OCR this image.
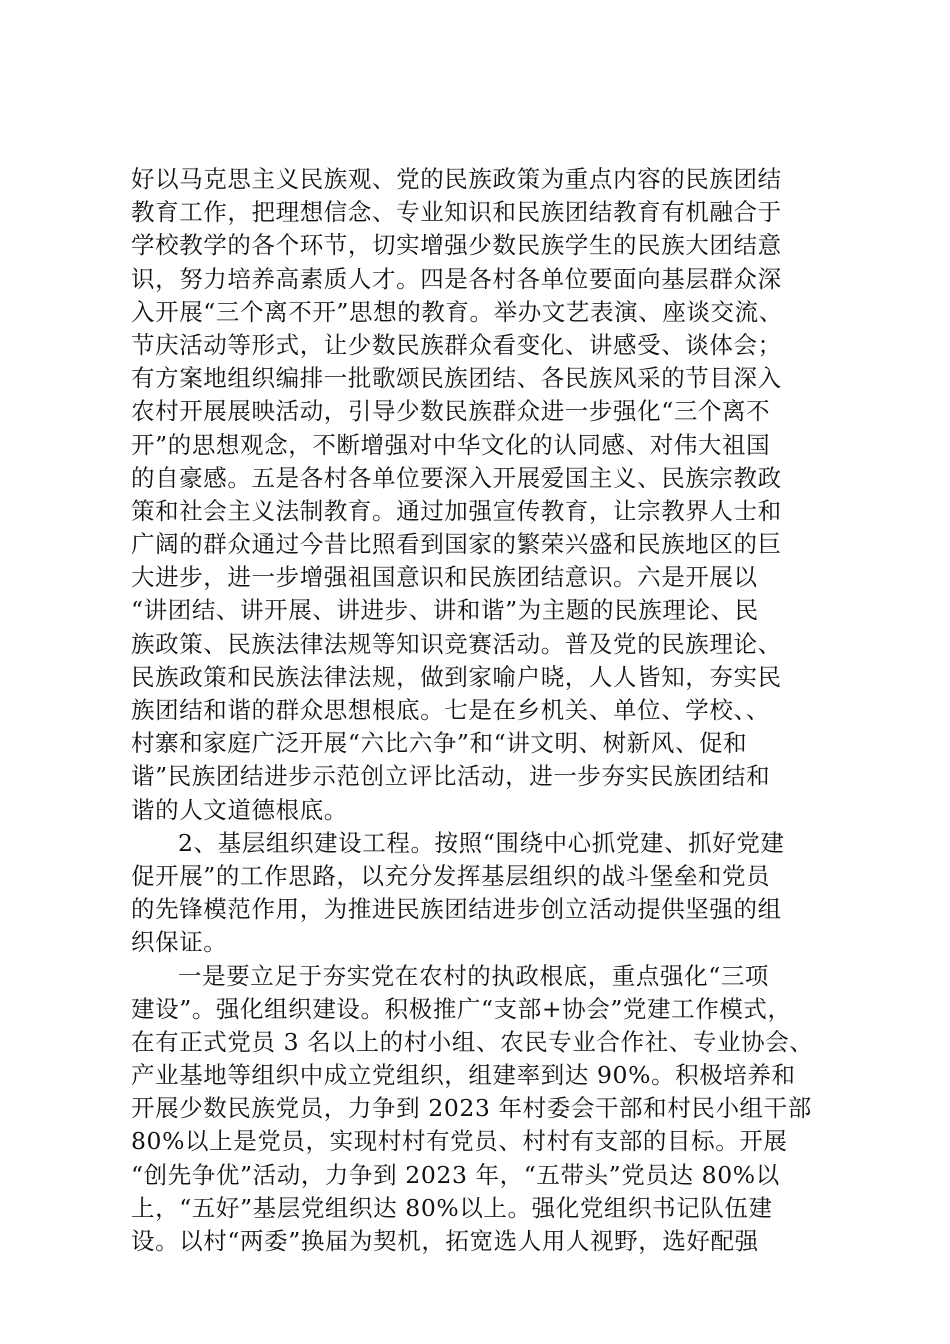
好以马克思主义民族观、党的民族政策为重点内容的民族团结
教育工作，把理想信念、专业知识和民族团结教育有机融合于
学校教学的各个环节，切实增强少数民族学生的民族大团结意
识，努力培养高素质人才。四是各村各单位要面向基层群众深
入开展“三个离不开”思想的教育。举办文艺表演、座谈交流、
节庆活动等形式，让少数民族群众看变化、讲感受、谈体会；
有方案地组织编排一批歌颂民族团结、各民族风采的节目深入
农村开展展映活动，引导少数民族群众进一步强化“三个离不
开”的思想观念，不断增强对中华文化的认同感、对伟大祖国
的自豪感。五是各村各单位要深入开展爱国主义、民族宗教政
策和社会主义法制教育。通过加强宣传教育，让宗教界人士和
广阔的群众通过今昔比照看到国家的繁荣兴盛和民族地区的巨
大进步，进一步增强祖国意识和民族团结意识。六是开展以
“讲团结、讲开展、讲进步、讲和谐”为主题的民族理论、民
族政策、民族法律法规等知识竞赛活动。普及党的民族理论、
民族政策和民族法律法规，做到家喻户晓，人人皆知，夯实民
族团结和谐的群众思想根底。七是在乡机关、单位、学校、、
村寨和家庭广泛开展“六比六争”和“讲文明、树新风、促和
谐”民族团结进步示范创立评比活动，进一步夯实民族团结和
谐的人文道德根底。
2、基层组织建设工程。按照“围绕中心抓党建、抓好党建
促开展”的工作思路，以充分发挥基层组织的战斗堡垒和党员
的先锋模范作用，为推进民族团结进步创立活动提供坚强的组
织保证。
一是要立足于夯实党在农村的执政根底，重点强化“三项
建设”。强化组织建设。积极推广“支部+协会”党建工作模式，
在有正式党员 3 名以上的村小组、农民专业合作社、专业协会、
产业基地等组织中成立党组织，组建率到达 90%。积极培养和
开展少数民族党员，力争到 2023 年村委会干部和村民小组干部
80%以上是党员，实现村村有党员、村村有支部的目标。开展
“创先争优”活动，力争到 2023 年，“五带头”党员达 80%以
上，“五好”基层党组织达 80%以上。强化党组织书记队伍建
设。以村“两委”换届为契机，拓宽选人用人视野，选好配强
